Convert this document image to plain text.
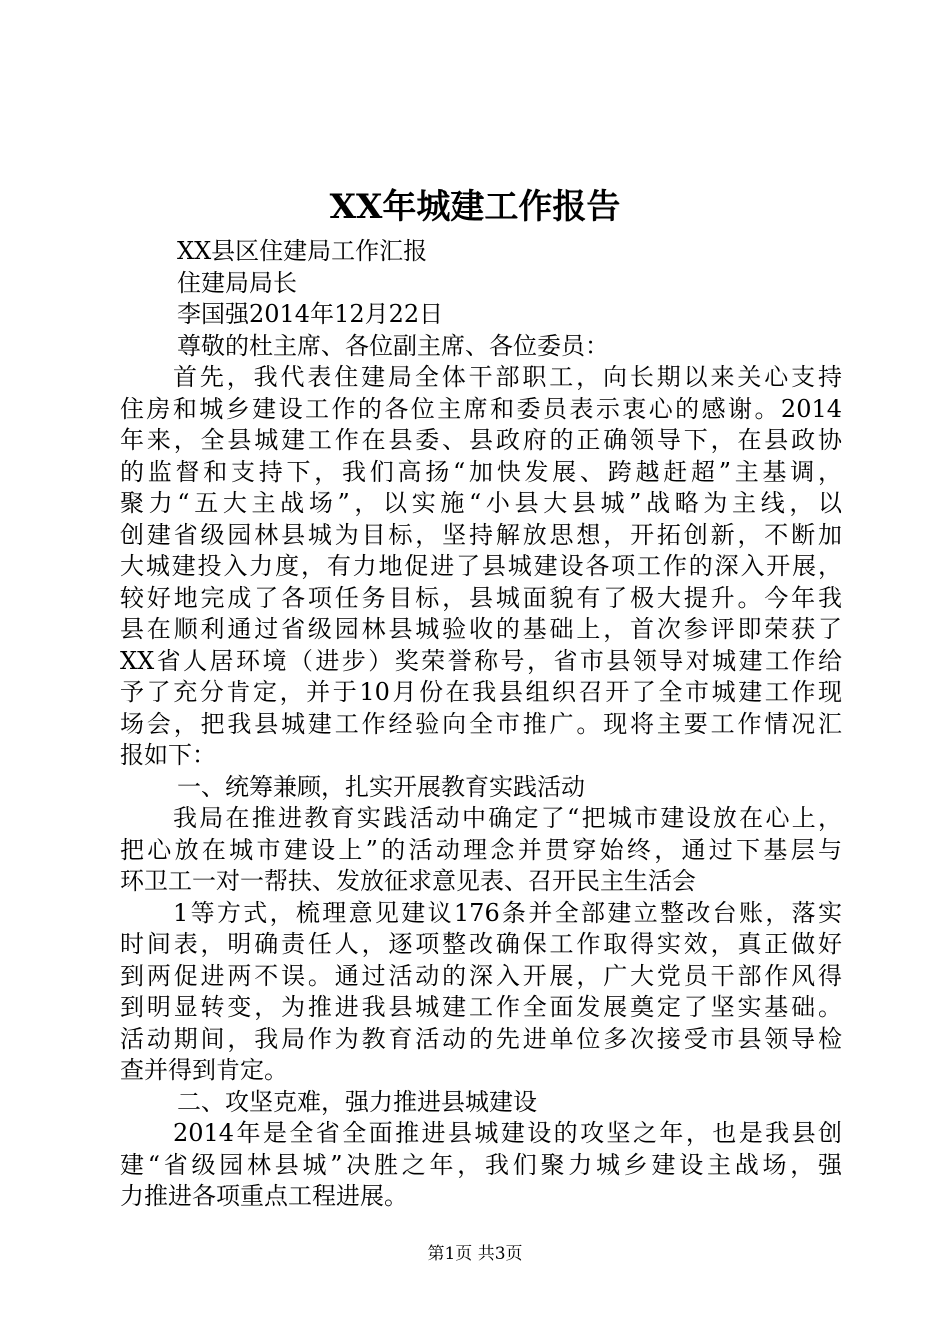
XX年城建工作报告
XX县区住建局工作汇报
住建局局长
李国强2014年12月22日
尊敬的杜主席、各位副主席、各位委员：
首先，我代表住建局全体干部职工，向长期以来关心支持
住房和城乡建设工作的各位主席和委员表示衷心的感谢。2014
年来，全县城建工作在县委、县政府的正确领导下，在县政协
的监督和支持下，我们高扬“加快发展、跨越赶超”主基调，
聚力“五大主战场”，以实施“小县大县城”战略为主线，以
创建省级园林县城为目标，坚持解放思想，开拓创新，不断加
大城建投入力度，有力地促进了县城建设各项工作的深入开展，
较好地完成了各项任务目标，县城面貌有了极大提升。今年我
县在顺利通过省级园林县城验收的基础上，首次参评即荣获了
XX省人居环境（进步）奖荣誉称号，省市县领导对城建工作给
予了充分肯定，并于10月份在我县组织召开了全市城建工作现
场会，把我县城建工作经验向全市推广。现将主要工作情况汇
报如下：
一、统筹兼顾，扎实开展教育实践活动
我局在推进教育实践活动中确定了“把城市建设放在心上，
把心放在城市建设上”的活动理念并贯穿始终，通过下基层与
环卫工一对一帮扶、发放征求意见表、召开民主生活会
1等方式，梳理意见建议176条并全部建立整改台账，落实
时间表，明确责任人，逐项整改确保工作取得实效，真正做好
到两促进两不误。通过活动的深入开展，广大党员干部作风得
到明显转变，为推进我县城建工作全面发展奠定了坚实基础。
活动期间，我局作为教育活动的先进单位多次接受市县领导检
查并得到肯定。
二、攻坚克难，强力推进县城建设
2014年是全省全面推进县城建设的攻坚之年，也是我县创
建“省级园林县城”决胜之年，我们聚力城乡建设主战场，强
力推进各项重点工程进展。
第1页 共3页
